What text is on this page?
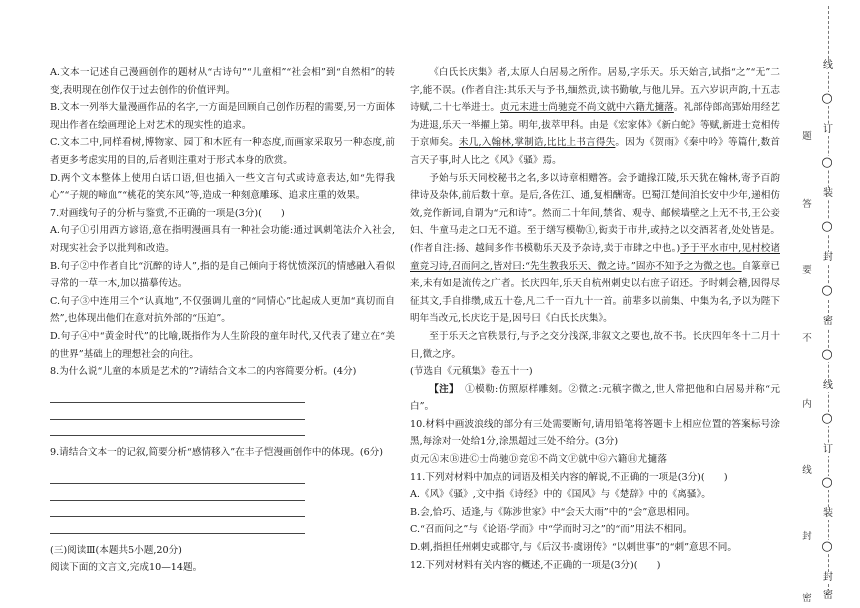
A.文本一记述自己漫画创作的题材从“古诗句”“儿童相”“社会相”到“自然相”的转变,表明现在创作仅于过去创作的价值评判。

B.文本一列举大量漫画作品的名字,一方面是回顾自己创作历程的需要,另一方面体现出作者在绘画理论上对艺术的现实性的追求。

C.文本二中,同样看树,博物家、园丁和木匠有一种态度,而画家采取另一种态度,前者更多考虑实用的目的,后者则注重对于形式本身的欣赏。

D.两个文本整体上使用白话口语,但也插入一些文言句式或诗意表达,如“先得我心”“子规的啼血”“桃花的笑东风”等,造成一种刻意雕琢、追求庄重的效果。

7.对画线句子的分析与鉴赏,不正确的一项是(3分)(　　)

A.句子①引用西方谚语,意在指明漫画具有一种社会功能:通过讽刺笔法介入社会,对现实社会予以批判和改造。

B.句子②中作者自比“沉醉的诗人”,指的是自己倾向于将忧愤深沉的情感融入看似寻常的一草一木,加以描摹传达。

C.句子③中连用三个“认真地”,不仅强调儿童的“同情心”比起成人更加“真切而自然”,也体现出他们在意对抗外部的“压迫”。

D.句子④中“黄金时代”的比喻,既指作为人生阶段的童年时代,又代表了建立在“美的世界”基础上的理想社会的向往。

8.为什么说“儿童的本质是艺术的”?请结合文本二的内容简要分析。(4分)

9.请结合文本一的记叙,简要分析“感情移入”在丰子恺漫画创作中的体现。(6分)

(三)阅读Ⅲ(本题共5小题,20分)

阅读下面的文言文,完成10—14题。

《白氏长庆集》者,太原人白居易之所作。居易,字乐天。乐天始言,试指“之”“无”二字,能不误。(作者自注:其乐天与予书,缅然贡,读书勤敏,与他儿异。五六岁识声韵,十五志诗赋,二十七举进士。贞元末进士尚驰竞不尚文就中六籍尤擿落。礼部侍郎高郢始用经艺为进退,乐天一举擢上第。明年,拔萃甲科。由是《宏家体》《新白蛇》等赋,新进士竞相传于京师矣。未几,入翰林,掌制诰,比比上书言得失。因为《贺雨》《秦中吟》等篇什,数首言天子事,时人比之《风》《骚》焉。

予始与乐天同校秘书之名,多以诗章相赠答。会予谴掾江陵,乐天犹在翰林,寄予百韵律诗及杂体,前后数十章。是后,各佐江、通,复相酬寄。巴蜀江楚间洎长安中少年,递相仿效,竞作新词,自谓为“元和诗”。然而二十年间,禁省、观寺、邮候墙壁之上无不书,王公妾妇、牛童马走之口无不道。至于缮写模勒①,衒卖于市井,或持之以交酒茗者,处处皆是。(作者自注:扬、越间多作书模勒乐天及予杂诗,卖于市肆之中也。)予于平水市中,见村校诸童竞习诗,召而问之,皆对曰:“先生教我乐天、微之诗。”固亦不知予之为微之也。自篆章已来,未有如是流传之广者。长庆四年,乐天自杭州刺史以右庶子诏还。予时刺会稽,因得尽征其文,手自排缵,成五十卷,凡二千一百九十一首。前辈多以前集、中集为名,予以为陛下明年当改元,长庆讫于是,因号曰《白氏长庆集》。

至于乐天之官秩景行,与予之交分浅深,非叙文之要也,故不书。长庆四年冬十二月十日,微之序。

(节选自《元稹集》卷五十一)

【注】 ①模勒:仿照原样雕刻。②微之:元稹字微之,世人常把他和白居易并称“元白”。

10.材料中画波浪线的部分有三处需要断句,请用铅笔将答题卡上相应位置的答案标号涂黑,每涂对一处给1分,涂黑超过三处不给分。(3分)

贞元Ⓐ末Ⓑ进Ⓒ士尚驰Ⓓ竞Ⓔ不尚文Ⓕ就中Ⓖ六籍Ⓗ尤擿落

11.下列对材料中加点的词语及相关内容的解说,不正确的一项是(3分)(　　)

A.《风》《骚》,文中指《诗经》中的《国风》与《楚辞》中的《离骚》。

B.会,恰巧、适逢,与《陈涉世家》中“会天大雨”中的“会”意思相同。

C.“召而问之”与《论语·学而》中“学而时习之”的“而”用法不相同。

D.刺,指担任州刺史或郡守,与《后汉书·虞诩传》“以刺世事”的“刺”意思不同。

12.下列对材料有关内容的概述,不正确的一项是(3分)(　　)

线
○
订
○
装
○
封
○
密
○
线
○
订
○
装
○
封
密
题
答
要
不
内
线
封
密
